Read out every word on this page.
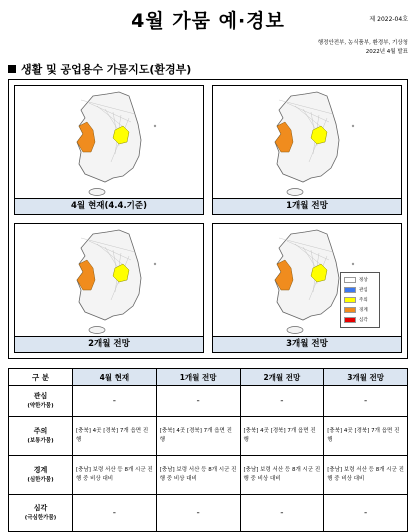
4월 가뭄 예·경보	제 2022-04호
행정안전부, 농식품부, 환경부, 기상청
2022년 4월 발표
생활 및 공업용수 가뭄지도(환경부)
4월 현재(4.4.기준)	1개월 전망
2개월 전망	3개월 전망
정상
관심
주의
경계
심각
구 분	4월 현재	1개월 전망	2개월 전망	3개월 전망

관심
(약한가뭄)	-	-	-	-

주의
(보통가뭄)	[충북] 4곳 [경북] 7개 읍면 진행	[충북] 4곳 [경북] 7개 읍면 진행	[충북] 4곳 [경북] 7개 읍면 진행	[충북] 4곳 [경북] 7개 읍면 진행

경계
(심한가뭄)	[충남] 보령 서산 등 8개 시군 진행 중 비상 대비	[충남] 보령 서산 등 8개 시군 진행 중 비상 대비	[충남] 보령 서산 등 8개 시군 진행 중 비상 대비	[충남] 보령 서산 등 8개 시군 진행 중 비상 대비

심각
(극심한가뭄)	-	-	-	-
